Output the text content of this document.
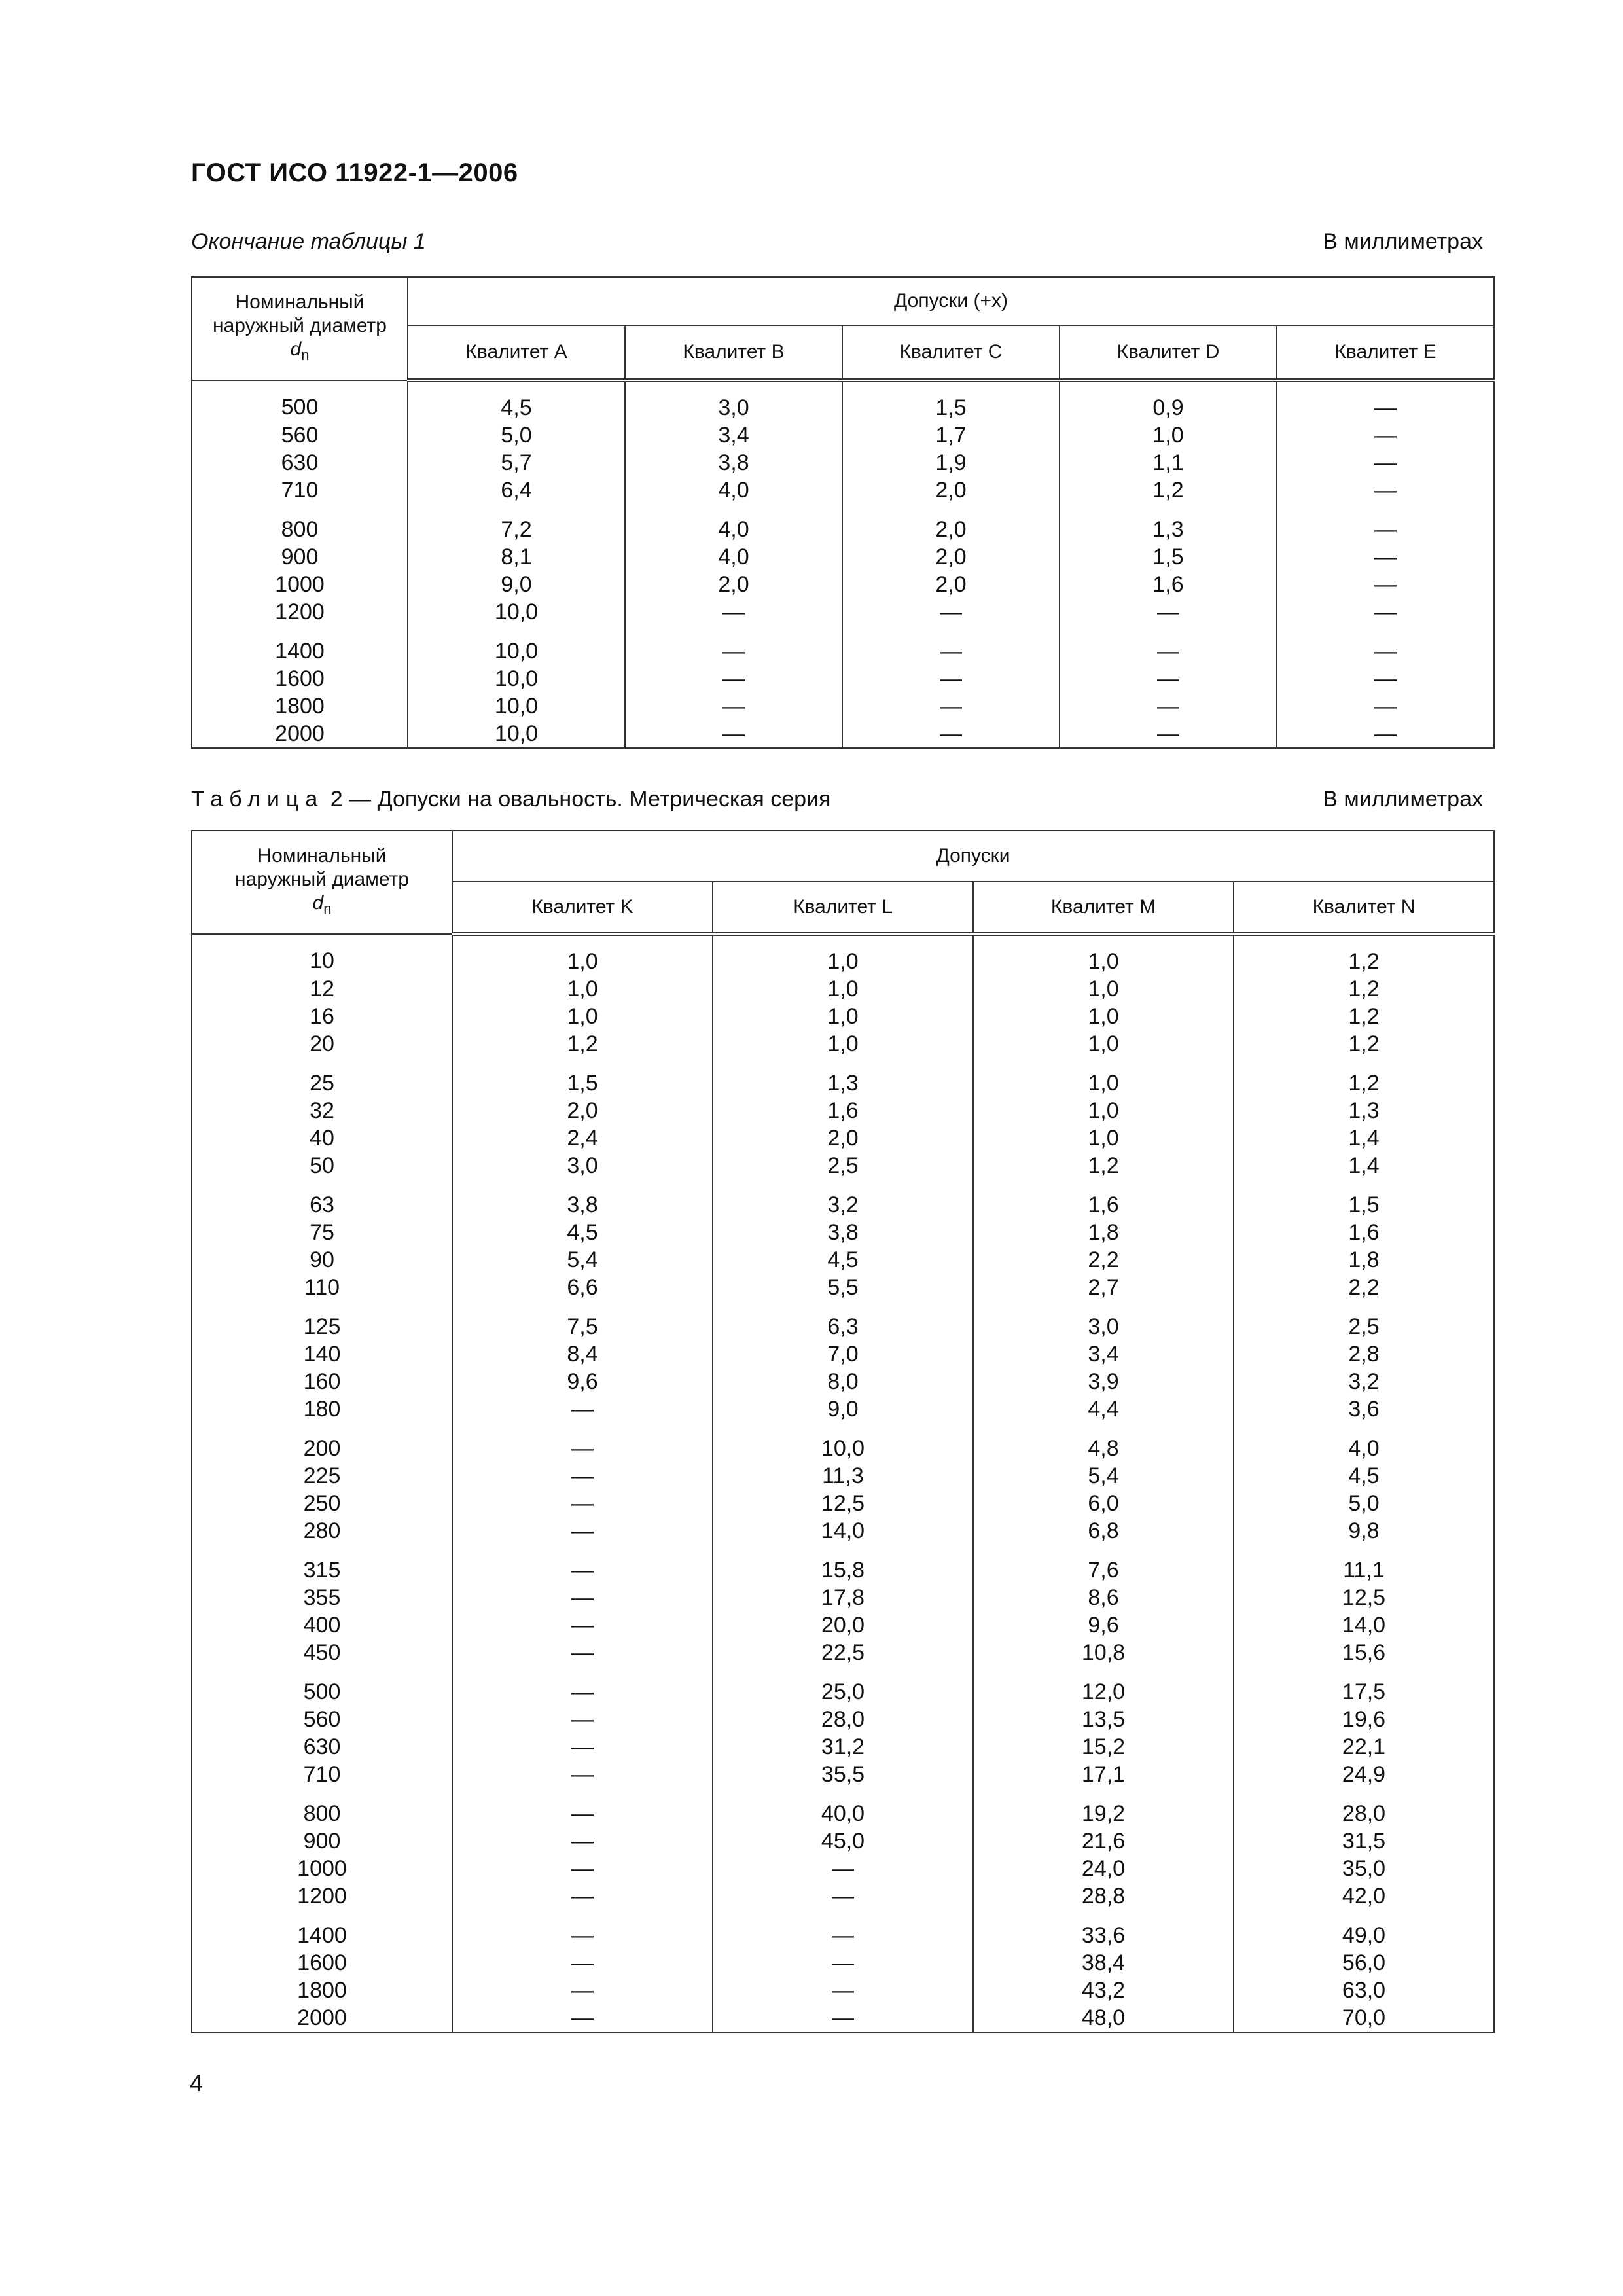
ГОСТ ИСО 11922-1—2006
Окончание таблицы 1	В миллиметрах
Номинальный
наружный диаметр
$d_n$	Допуски (+x)				
	Квалитет A	Квалитет B	Квалитет C	Квалитет D	Квалитет E
500	4,5	3,0	1,5	0,9	—
560	5,0	3,4	1,7	1,0	—
630	5,7	3,8	1,9	1,1	—
710	6,4	4,0	2,0	1,2	—
800	7,2	4,0	2,0	1,3	—
900	8,1	4,0	2,0	1,5	—
1000	9,0	2,0	2,0	1,6	—
1200	10,0	—	—	—	—
1400	10,0	—	—	—	—
1600	10,0	—	—	—	—
1800	10,0	—	—	—	—
2000	10,0	—	—	—	—
Таблица 2 — Допуски на овальность. Метрическая серия	В миллиметрах
Номинальный
наружный диаметр
$d_n$	Допуски			
	Квалитет K	Квалитет L	Квалитет M	Квалитет N
10	1,0	1,0	1,0	1,2
12	1,0	1,0	1,0	1,2
16	1,0	1,0	1,0	1,2
20	1,2	1,0	1,0	1,2
25	1,5	1,3	1,0	1,2
32	2,0	1,6	1,0	1,3
40	2,4	2,0	1,0	1,4
50	3,0	2,5	1,2	1,4
63	3,8	3,2	1,6	1,5
75	4,5	3,8	1,8	1,6
90	5,4	4,5	2,2	1,8
110	6,6	5,5	2,7	2,2
125	7,5	6,3	3,0	2,5
140	8,4	7,0	3,4	2,8
160	9,6	8,0	3,9	3,2
180	—	9,0	4,4	3,6
200	—	10,0	4,8	4,0
225	—	11,3	5,4	4,5
250	—	12,5	6,0	5,0
280	—	14,0	6,8	9,8
315	—	15,8	7,6	11,1
355	—	17,8	8,6	12,5
400	—	20,0	9,6	14,0
450	—	22,5	10,8	15,6
500	—	25,0	12,0	17,5
560	—	28,0	13,5	19,6
630	—	31,2	15,2	22,1
710	—	35,5	17,1	24,9
800	—	40,0	19,2	28,0
900	—	45,0	21,6	31,5
1000	—	—	24,0	35,0
1200	—	—	28,8	42,0
1400	—	—	33,6	49,0
1600	—	—	38,4	56,0
1800	—	—	43,2	63,0
2000	—	—	48,0	70,0
4
